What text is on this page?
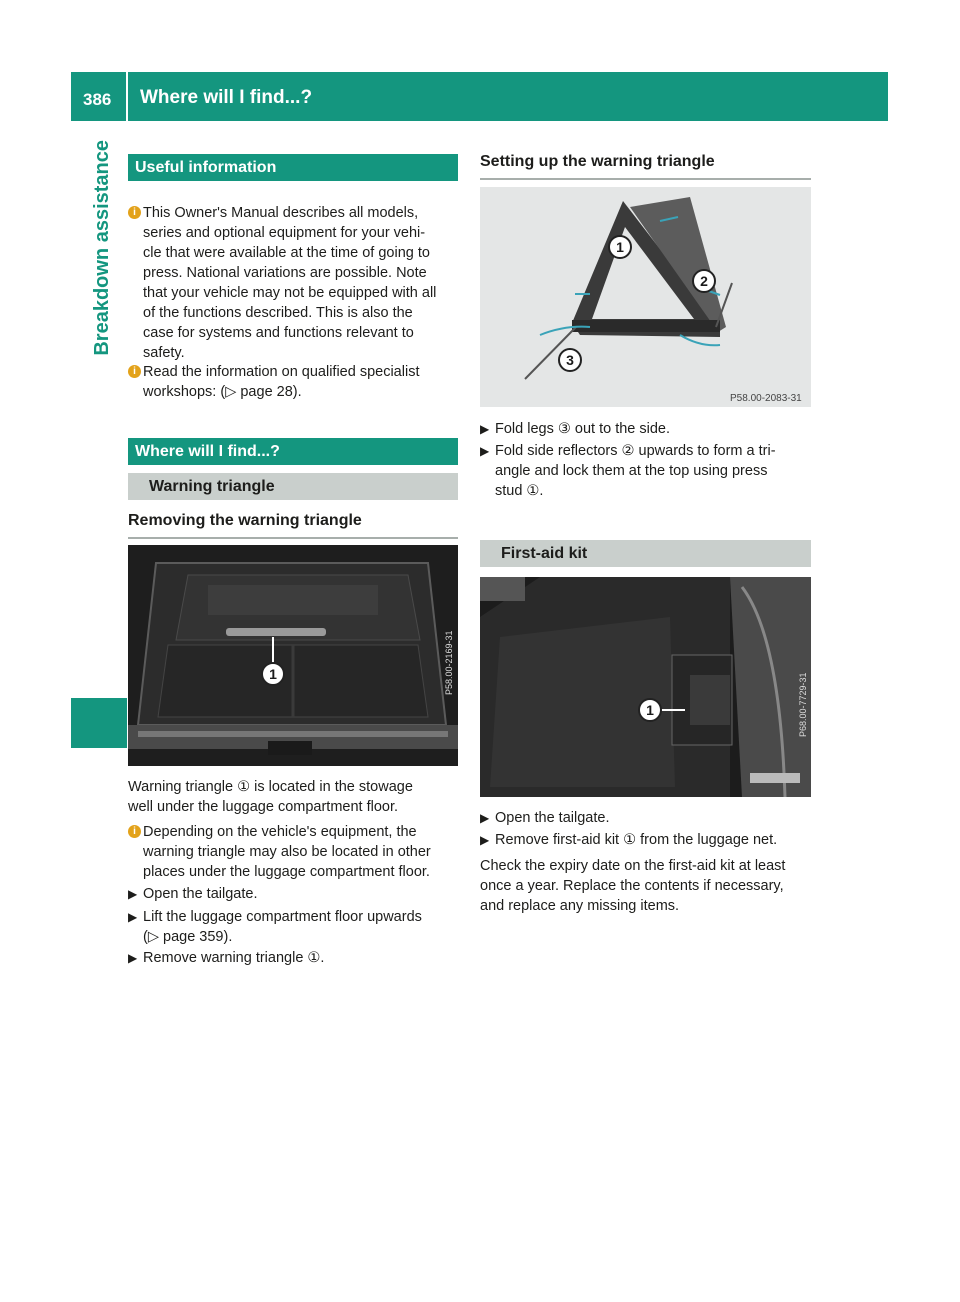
386 Where will I find...?
Breakdown assistance	Useful information
i This Owner's Manual describes all models,
series and optional equipment for your vehi-
cle that were available at the time of going to
press. National variations are possible. Note
that your vehicle may not be equipped with all
of the functions described. This is also the
case for systems and functions relevant to
safety.
i Read the information on qualified specialist
workshops: (▷ page 28).
Where will I find...?
Warning triangle
Removing the warning triangle
1	P58.00-2169-31
Warning triangle ① is located in the stowage
well under the luggage compartment floor.
i Depending on the vehicle's equipment, the
warning triangle may also be located in other
places under the luggage compartment floor.
▶ Open the tailgate.
▶ Lift the luggage compartment floor upwards
(▷ page 359).
▶ Remove warning triangle ①.
Setting up the warning triangle
1
2
3
P58.00-2083-31
▶ Fold legs ③ out to the side.
▶ Fold side reflectors ② upwards to form a tri-
angle and lock them at the top using press
stud ①.
First-aid kit
1	P68.00-7729-31
▶ Open the tailgate.
▶ Remove first-aid kit ① from the luggage net.
Check the expiry date on the first-aid kit at least
once a year. Replace the contents if necessary,
and replace any missing items.
